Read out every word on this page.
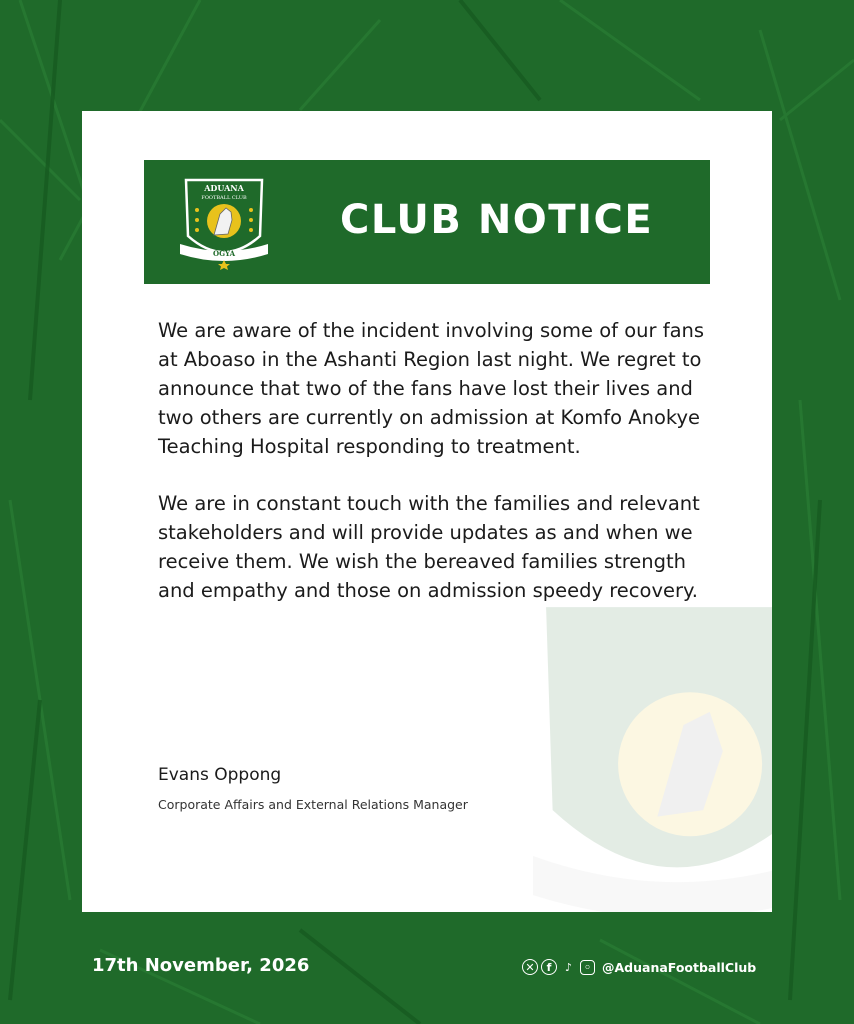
ADUANA
FOOTBALL CLUB
OGYA
CLUB NOTICE

We are aware of the incident involving some of our fans at Aboaso in the Ashanti Region last night. We regret to announce that two of the fans have lost their lives and two others are currently on admission at Komfo Anokye Teaching Hospital responding to treatment.

We are in constant touch with the families and relevant stakeholders and will provide updates as and when we receive them. We wish the bereaved families strength and empathy and those on admission speedy recovery.

Evans Oppong
Corporate Affairs and External Relations Manager
17th November, 2026	✕	f	♪	◦ @AduanaFootballClub
